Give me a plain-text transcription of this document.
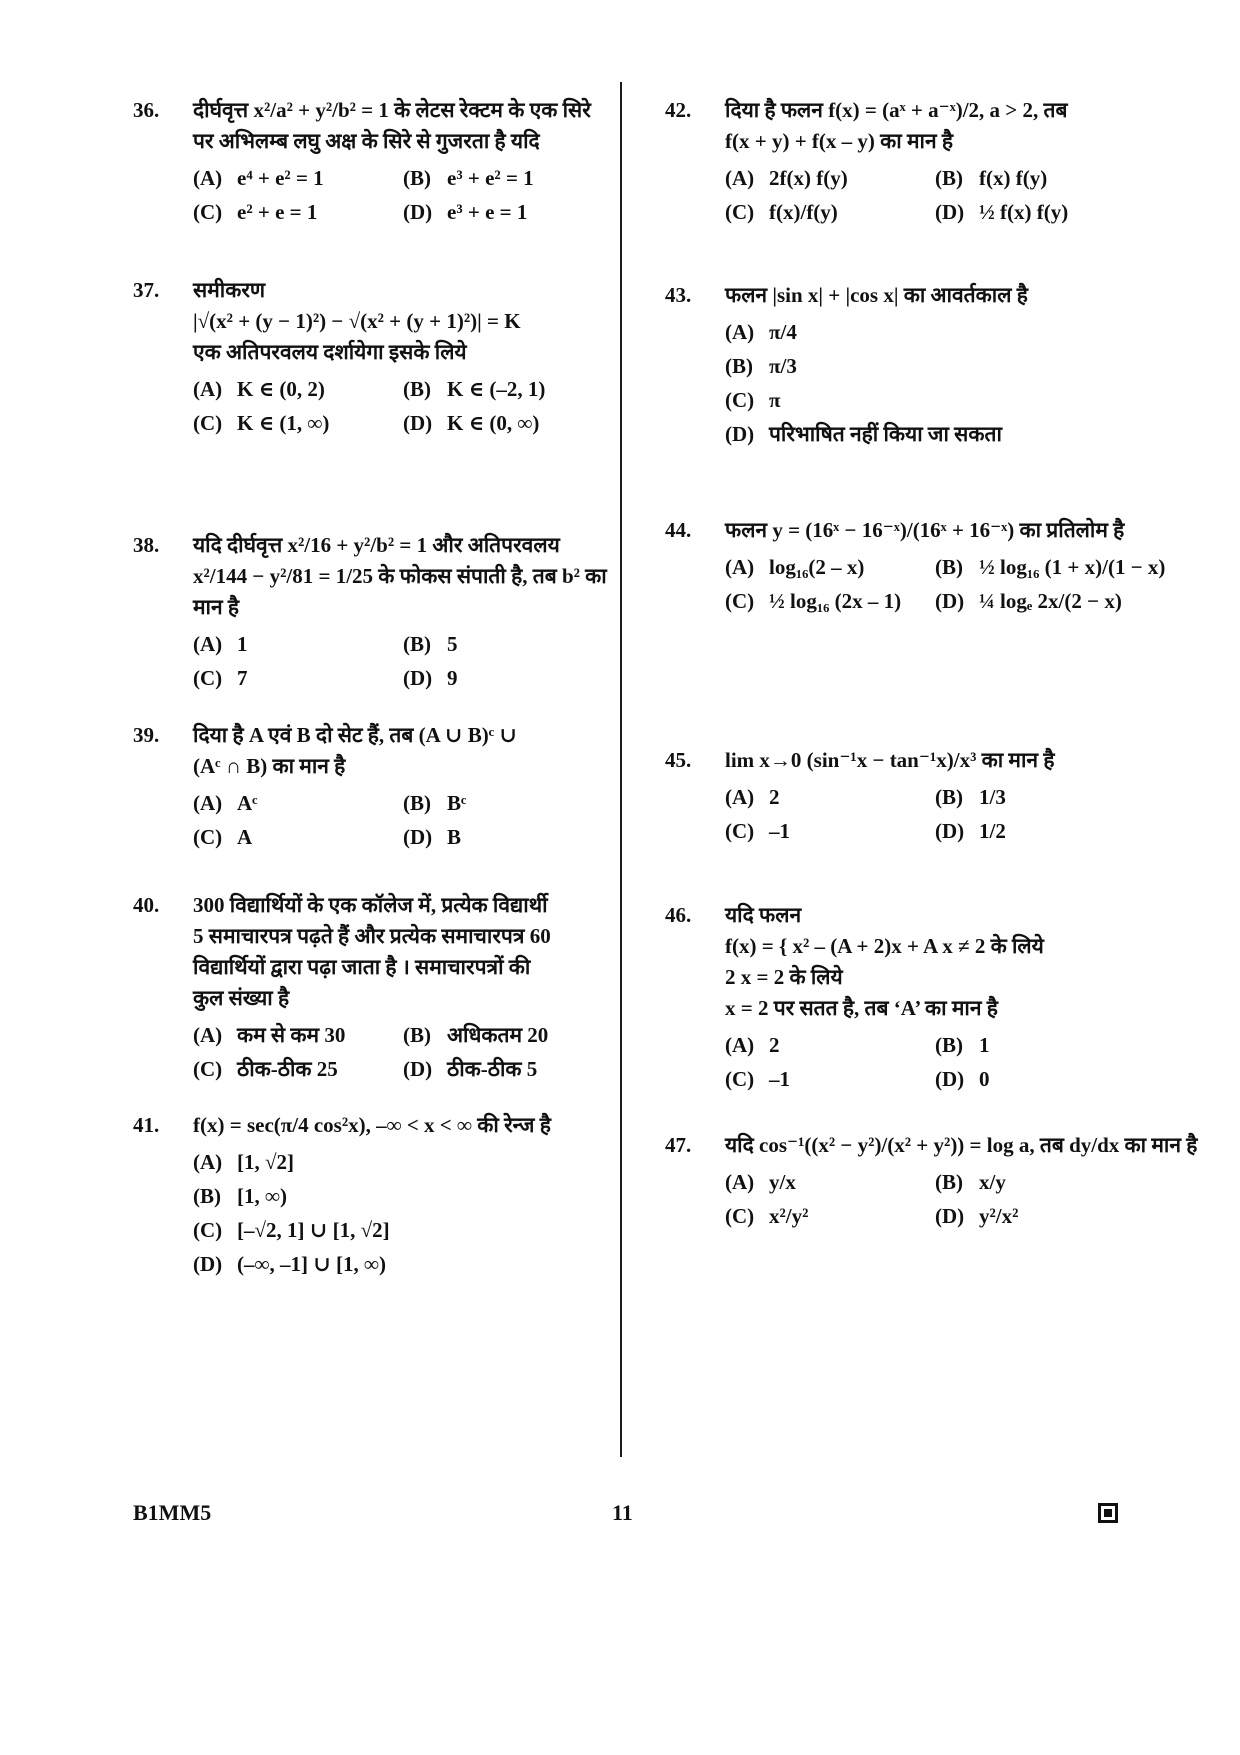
36.	दीर्घवृत्त x²/a² + y²/b² = 1 के लेटस रेक्टम के एक सिरे
पर अभिलम्ब लघु अक्ष के सिरे से गुजरता है यदि
(A) e⁴ + e² = 1	(B) e³ + e² = 1
(C) e² + e = 1	(D) e³ + e = 1
37.	समीकरण
|√(x² + (y − 1)²) − √(x² + (y + 1)²)| = K
एक अतिपरवलय दर्शायेगा इसके लिये
(A) K ∈ (0, 2)	(B) K ∈ (–2, 1)
(C) K ∈ (1, ∞)	(D) K ∈ (0, ∞)
38.	यदि दीर्घवृत्त x²/16 + y²/b² = 1 और अतिपरवलय
x²/144 − y²/81 = 1/25 के फोकस संपाती है, तब b² का
मान है
(A) 1	(B) 5
(C) 7	(D) 9
39.	दिया है A एवं B दो सेट हैं, तब (A ∪ B)ᶜ ∪
(Aᶜ ∩ B) का मान है
(A) Aᶜ	(B) Bᶜ
(C) A	(D) B
40.	300 विद्यार्थियों के एक कॉलेज में, प्रत्येक विद्यार्थी
5 समाचारपत्र पढ़ते हैं और प्रत्येक समाचारपत्र 60
विद्यार्थियों द्वारा पढ़ा जाता है । समाचारपत्रों की
कुल संख्या है
(A) कम से कम 30	(B) अधिकतम 20
(C) ठीक-ठीक 25	(D) ठीक-ठीक 5
41.	f(x) = sec(π/4 cos²x), –∞ < x < ∞ की रेन्ज है
(A) [1, √2]
(B) [1, ∞)
(C) [–√2, 1] ∪ [1, √2]
(D) (–∞, –1] ∪ [1, ∞)
42.	दिया है फलन f(x) = (aˣ + a⁻ˣ)/2, a > 2, तब
f(x + y) + f(x – y) का मान है
(A) 2f(x) f(y)	(B) f(x) f(y)
(C) f(x)/f(y)	(D) ½ f(x) f(y)
43.	फलन |sin x| + |cos x| का आवर्तकाल है
(A) π/4
(B) π/3
(C) π
(D) परिभाषित नहीं किया जा सकता
44.	फलन y = (16ˣ − 16⁻ˣ)/(16ˣ + 16⁻ˣ) का प्रतिलोम है
(A) log₁₆(2 – x)	(B) ½ log₁₆ (1 + x)/(1 − x)
(C) ½ log₁₆ (2x – 1)	(D) ¼ logₑ 2x/(2 − x)
45.	lim x→0 (sin⁻¹x − tan⁻¹x)/x³ का मान है
(A) 2	(B) 1/3
(C) –1	(D) 1/2
46.	यदि फलन
f(x) = { x² – (A + 2)x + A x ≠ 2 के लिये
2 x = 2 के लिये
x = 2 पर सतत है, तब ‘A’ का मान है
(A) 2	(B) 1
(C) –1	(D) 0
47.	यदि cos⁻¹((x² − y²)/(x² + y²)) = log a, तब dy/dx का मान है
(A) y/x	(B) x/y
(C) x²/y²	(D) y²/x²
B1MM5	11
